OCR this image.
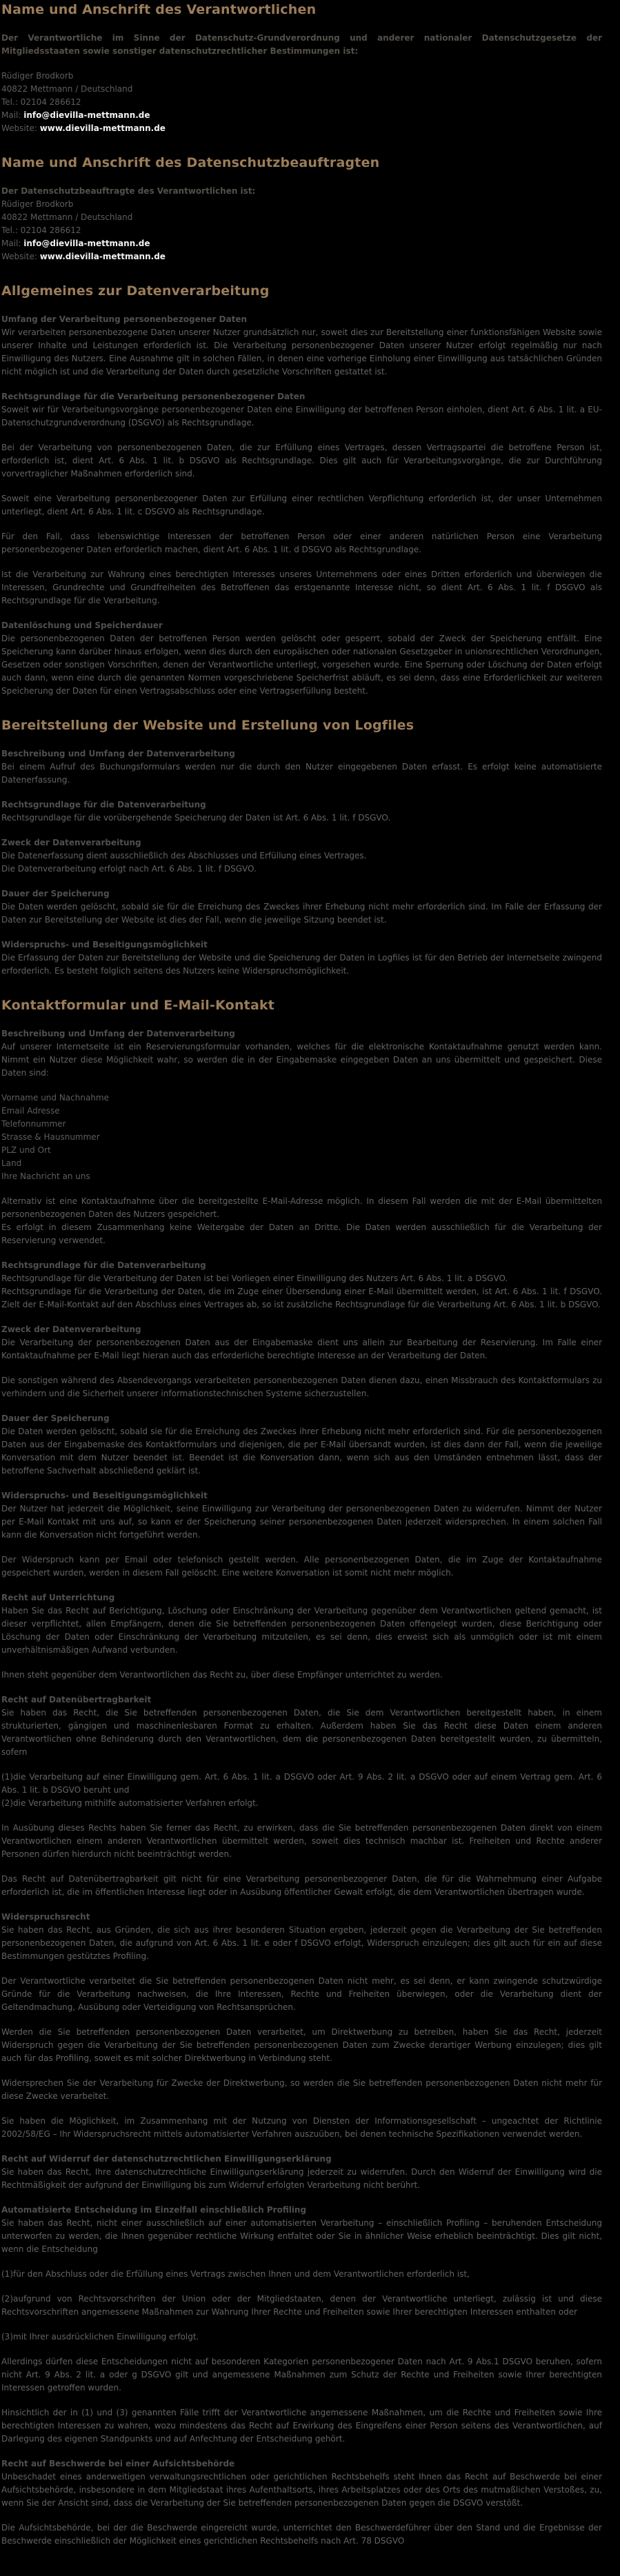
Name und Anschrift des Verantwortlichen

Der Verantwortliche im Sinne der Datenschutz-Grundverordnung und anderer nationaler Datenschutzgesetze der Mitgliedsstaaten sowie sonstiger datenschutzrechtlicher Bestimmungen ist:

Rüdiger Brodkorb
40822 Mettmann / Deutschland
Tel.: 02104 286612
Mail: info@dievilla-mettmann.de
Website: www.dievilla-mettmann.de
Name und Anschrift des Datenschutzbeauftragten
Der Datenschutzbeauftragte des Verantwortlichen ist:
Rüdiger Brodkorb
40822 Mettmann / Deutschland
Tel.: 02104 286612
Mail: info@dievilla-mettmann.de
Website: www.dievilla-mettmann.de
Allgemeines zur Datenverarbeitung
Umfang der Verarbeitung personenbezogener Daten

Wir verarbeiten personenbezogene Daten unserer Nutzer grundsätzlich nur, soweit dies zur Bereitstellung einer funktionsfähigen Website sowie unserer Inhalte und Leistungen erforderlich ist. Die Verarbeitung personenbezogener Daten unserer Nutzer erfolgt regelmäßig nur nach Einwilligung des Nutzers. Eine Ausnahme gilt in solchen Fällen, in denen eine vorherige Einholung einer Einwilligung aus tatsächlichen Gründen nicht möglich ist und die Verarbeitung der Daten durch gesetzliche Vorschriften gestattet ist.

Rechtsgrundlage für die Verarbeitung personenbezogener Daten

Soweit wir für Verarbeitungsvorgänge personenbezogener Daten eine Einwilligung der betroffenen Person einholen, dient Art. 6 Abs. 1 lit. a EU-Datenschutzgrundverordnung (DSGVO) als Rechtsgrundlage.

Bei der Verarbeitung von personenbezogenen Daten, die zur Erfüllung eines Vertrages, dessen Vertragspartei die betroffene Person ist, erforderlich ist, dient Art. 6 Abs. 1 lit. b DSGVO als Rechtsgrundlage. Dies gilt auch für Verarbeitungsvorgänge, die zur Durchführung vorvertraglicher Maßnahmen erforderlich sind.

Soweit eine Verarbeitung personenbezogener Daten zur Erfüllung einer rechtlichen Verpflichtung erforderlich ist, der unser Unternehmen unterliegt, dient Art. 6 Abs. 1 lit. c DSGVO als Rechtsgrundlage.

Für den Fall, dass lebenswichtige Interessen der betroffenen Person oder einer anderen natürlichen Person eine Verarbeitung personenbezogener Daten erforderlich machen, dient Art. 6 Abs. 1 lit. d DSGVO als Rechtsgrundlage.

Ist die Verarbeitung zur Wahrung eines berechtigten Interesses unseres Unternehmens oder eines Dritten erforderlich und überwiegen die Interessen, Grundrechte und Grundfreiheiten des Betroffenen das erstgenannte Interesse nicht, so dient Art. 6 Abs. 1 lit. f DSGVO als Rechtsgrundlage für die Verarbeitung.

Datenlöschung und Speicherdauer

Die personenbezogenen Daten der betroffenen Person werden gelöscht oder gesperrt, sobald der Zweck der Speicherung entfällt. Eine Speicherung kann darüber hinaus erfolgen, wenn dies durch den europäischen oder nationalen Gesetzgeber in unionsrechtlichen Verordnungen, Gesetzen oder sonstigen Vorschriften, denen der Verantwortliche unterliegt, vorgesehen wurde. Eine Sperrung oder Löschung der Daten erfolgt auch dann, wenn eine durch die genannten Normen vorgeschriebene Speicherfrist abläuft, es sei denn, dass eine Erforderlichkeit zur weiteren Speicherung der Daten für einen Vertragsabschluss oder eine Vertragserfüllung besteht.

Bereitstellung der Website und Erstellung von Logfiles
Beschreibung und Umfang der Datenverarbeitung

Bei einem Aufruf des Buchungsformulars werden nur die durch den Nutzer eingegebenen Daten erfasst. Es erfolgt keine automatisierte Datenerfassung.

Rechtsgrundlage für die Datenverarbeitung

Rechtsgrundlage für die vorübergehende Speicherung der Daten ist Art. 6 Abs. 1 lit. f DSGVO.

Zweck der Datenverarbeitung

Die Datenerfassung dient ausschließlich des Abschlusses und Erfüllung eines Vertrages.
Die Datenverarbeitung erfolgt nach Art. 6 Abs. 1 lit. f DSGVO.

Dauer der Speicherung

Die Daten werden gelöscht, sobald sie für die Erreichung des Zweckes ihrer Erhebung nicht mehr erforderlich sind. Im Falle der Erfassung der Daten zur Bereitstellung der Website ist dies der Fall, wenn die jeweilige Sitzung beendet ist.

Widerspruchs- und Beseitigungsmöglichkeit

Die Erfassung der Daten zur Bereitstellung der Website und die Speicherung der Daten in Logfiles ist für den Betrieb der Internetseite zwingend erforderlich. Es besteht folglich seitens des Nutzers keine Widerspruchsmöglichkeit.

Kontaktformular und E-Mail-Kontakt
Beschreibung und Umfang der Datenverarbeitung

Auf unserer Internetseite ist ein Reservierungsformular vorhanden, welches für die elektronische Kontaktaufnahme genutzt werden kann. Nimmt ein Nutzer diese Möglichkeit wahr, so werden die in der Eingabemaske eingegeben Daten an uns übermittelt und gespeichert. Diese Daten sind:

Vorname und Nachnahme
Email Adresse
Telefonnummer
Strasse & Hausnummer
PLZ und Ort
Land
Ihre Nachricht an uns

Alternativ ist eine Kontaktaufnahme über die bereitgestellte E-Mail-Adresse möglich. In diesem Fall werden die mit der E-Mail übermittelten personenbezogenen Daten des Nutzers gespeichert.
Es erfolgt in diesem Zusammenhang keine Weitergabe der Daten an Dritte. Die Daten werden ausschließlich für die Verarbeitung der Reservierung verwendet.

Rechtsgrundlage für die Datenverarbeitung

Rechtsgrundlage für die Verarbeitung der Daten ist bei Vorliegen einer Einwilligung des Nutzers Art. 6 Abs. 1 lit. a DSGVO.
Rechtsgrundlage für die Verarbeitung der Daten, die im Zuge einer Übersendung einer E-Mail übermittelt werden, ist Art. 6 Abs. 1 lit. f DSGVO. Zielt der E-Mail-Kontakt auf den Abschluss eines Vertrages ab, so ist zusätzliche Rechtsgrundlage für die Verarbeitung Art. 6 Abs. 1 lit. b DSGVO.

Zweck der Datenverarbeitung

Die Verarbeitung der personenbezogenen Daten aus der Eingabemaske dient uns allein zur Bearbeitung der Reservierung. Im Falle einer Kontaktaufnahme per E-Mail liegt hieran auch das erforderliche berechtigte Interesse an der Verarbeitung der Daten.

Die sonstigen während des Absendevorgangs verarbeiteten personenbezogenen Daten dienen dazu, einen Missbrauch des Kontaktformulars zu verhindern und die Sicherheit unserer informationstechnischen Systeme sicherzustellen.

Dauer der Speicherung

Die Daten werden gelöscht, sobald sie für die Erreichung des Zweckes ihrer Erhebung nicht mehr erforderlich sind. Für die personenbezogenen Daten aus der Eingabemaske des Kontaktformulars und diejenigen, die per E-Mail übersandt wurden, ist dies dann der Fall, wenn die jeweilige Konversation mit dem Nutzer beendet ist. Beendet ist die Konversation dann, wenn sich aus den Umständen entnehmen lässt, dass der betroffene Sachverhalt abschließend geklärt ist.

Widerspruchs- und Beseitigungsmöglichkeit

Der Nutzer hat jederzeit die Möglichkeit, seine Einwilligung zur Verarbeitung der personenbezogenen Daten zu widerrufen. Nimmt der Nutzer per E-Mail Kontakt mit uns auf, so kann er der Speicherung seiner personenbezogenen Daten jederzeit widersprechen. In einem solchen Fall kann die Konversation nicht fortgeführt werden.

Der Widerspruch kann per Email oder telefonisch gestellt werden. Alle personenbezogenen Daten, die im Zuge der Kontaktaufnahme gespeichert wurden, werden in diesem Fall gelöscht. Eine weitere Konversation ist somit nicht mehr möglich.

Recht auf Unterrichtung

Haben Sie das Recht auf Berichtigung, Löschung oder Einschränkung der Verarbeitung gegenüber dem Verantwortlichen geltend gemacht, ist dieser verpflichtet, allen Empfängern, denen die Sie betreffenden personenbezogenen Daten offengelegt wurden, diese Berichtigung oder Löschung der Daten oder Einschränkung der Verarbeitung mitzuteilen, es sei denn, dies erweist sich als unmöglich oder ist mit einem unverhältnismäßigen Aufwand verbunden.

Ihnen steht gegenüber dem Verantwortlichen das Recht zu, über diese Empfänger unterrichtet zu werden.

Recht auf Datenübertragbarkeit

Sie haben das Recht, die Sie betreffenden personenbezogenen Daten, die Sie dem Verantwortlichen bereitgestellt haben, in einem strukturierten, gängigen und maschinenlesbaren Format zu erhalten. Außerdem haben Sie das Recht diese Daten einem anderen Verantwortlichen ohne Behinderung durch den Verantwortlichen, dem die personenbezogenen Daten bereitgestellt wurden, zu übermitteln, sofern

(1)die Verarbeitung auf einer Einwilligung gem. Art. 6 Abs. 1 lit. a DSGVO oder Art. 9 Abs. 2 lit. a DSGVO oder auf einem Vertrag gem. Art. 6 Abs. 1 lit. b DSGVO beruht und
(2)die Verarbeitung mithilfe automatisierter Verfahren erfolgt.

In Ausübung dieses Rechts haben Sie ferner das Recht, zu erwirken, dass die Sie betreffenden personenbezogenen Daten direkt von einem Verantwortlichen einem anderen Verantwortlichen übermittelt werden, soweit dies technisch machbar ist. Freiheiten und Rechte anderer Personen dürfen hierdurch nicht beeinträchtigt werden.

Das Recht auf Datenübertragbarkeit gilt nicht für eine Verarbeitung personenbezogener Daten, die für die Wahrnehmung einer Aufgabe erforderlich ist, die im öffentlichen Interesse liegt oder in Ausübung öffentlicher Gewalt erfolgt, die dem Verantwortlichen übertragen wurde.

Widerspruchsrecht

Sie haben das Recht, aus Gründen, die sich aus ihrer besonderen Situation ergeben, jederzeit gegen die Verarbeitung der Sie betreffenden personenbezogenen Daten, die aufgrund von Art. 6 Abs. 1 lit. e oder f DSGVO erfolgt, Widerspruch einzulegen; dies gilt auch für ein auf diese Bestimmungen gestütztes Profiling.

Der Verantwortliche verarbeitet die Sie betreffenden personenbezogenen Daten nicht mehr, es sei denn, er kann zwingende schutzwürdige Gründe für die Verarbeitung nachweisen, die Ihre Interessen, Rechte und Freiheiten überwiegen, oder die Verarbeitung dient der Geltendmachung, Ausübung oder Verteidigung von Rechtsansprüchen.

Werden die Sie betreffenden personenbezogenen Daten verarbeitet, um Direktwerbung zu betreiben, haben Sie das Recht, jederzeit Widerspruch gegen die Verarbeitung der Sie betreffenden personenbezogenen Daten zum Zwecke derartiger Werbung einzulegen; dies gilt auch für das Profiling, soweit es mit solcher Direktwerbung in Verbindung steht.

Widersprechen Sie der Verarbeitung für Zwecke der Direktwerbung, so werden die Sie betreffenden personenbezogenen Daten nicht mehr für diese Zwecke verarbeitet.

Sie haben die Möglichkeit, im Zusammenhang mit der Nutzung von Diensten der Informationsgesellschaft – ungeachtet der Richtlinie 2002/58/EG – Ihr Widerspruchsrecht mittels automatisierter Verfahren auszuüben, bei denen technische Spezifikationen verwendet werden.

Recht auf Widerruf der datenschutzrechtlichen Einwilligungserklärung

Sie haben das Recht, Ihre datenschutzrechtliche Einwilligungserklärung jederzeit zu widerrufen. Durch den Widerruf der Einwilligung wird die Rechtmäßigkeit der aufgrund der Einwilligung bis zum Widerruf erfolgten Verarbeitung nicht berührt.

Automatisierte Entscheidung im Einzelfall einschließlich Profiling

Sie haben das Recht, nicht einer ausschließlich auf einer automatisierten Verarbeitung – einschließlich Profiling – beruhenden Entscheidung unterworfen zu werden, die Ihnen gegenüber rechtliche Wirkung entfaltet oder Sie in ähnlicher Weise erheblich beeinträchtigt. Dies gilt nicht, wenn die Entscheidung

(1)für den Abschluss oder die Erfüllung eines Vertrags zwischen Ihnen und dem Verantwortlichen erforderlich ist,

(2)aufgrund von Rechtsvorschriften der Union oder der Mitgliedstaaten, denen der Verantwortliche unterliegt, zulässig ist und diese Rechtsvorschriften angemessene Maßnahmen zur Wahrung Ihrer Rechte und Freiheiten sowie Ihrer berechtigten Interessen enthalten oder

(3)mit Ihrer ausdrücklichen Einwilligung erfolgt.

Allerdings dürfen diese Entscheidungen nicht auf besonderen Kategorien personenbezogener Daten nach Art. 9 Abs.1 DSGVO beruhen, sofern nicht Art. 9 Abs. 2 lit. a oder g DSGVO gilt und angemessene Maßnahmen zum Schutz der Rechte und Freiheiten sowie Ihrer berechtigten Interessen getroffen wurden.

Hinsichtlich der in (1) und (3) genannten Fälle trifft der Verantwortliche angemessene Maßnahmen, um die Rechte und Freiheiten sowie Ihre berechtigten Interessen zu wahren, wozu mindestens das Recht auf Erwirkung des Eingreifens einer Person seitens des Verantwortlichen, auf Darlegung des eigenen Standpunkts und auf Anfechtung der Entscheidung gehört.

Recht auf Beschwerde bei einer Aufsichtsbehörde

Unbeschadet eines anderweitigen verwaltungsrechtlichen oder gerichtlichen Rechtsbehelfs steht Ihnen das Recht auf Beschwerde bei einer Aufsichtsbehörde, insbesondere in dem Mitgliedstaat ihres Aufenthaltsorts, ihres Arbeitsplatzes oder des Orts des mutmaßlichen Verstoßes, zu, wenn Sie der Ansicht sind, dass die Verarbeitung der Sie betreffenden personenbezogenen Daten gegen die DSGVO verstößt.

Die Aufsichtsbehörde, bei der die Beschwerde eingereicht wurde, unterrichtet den Beschwerdeführer über den Stand und die Ergebnisse der Beschwerde einschließlich der Möglichkeit eines gerichtlichen Rechtsbehelfs nach Art. 78 DSGVO
